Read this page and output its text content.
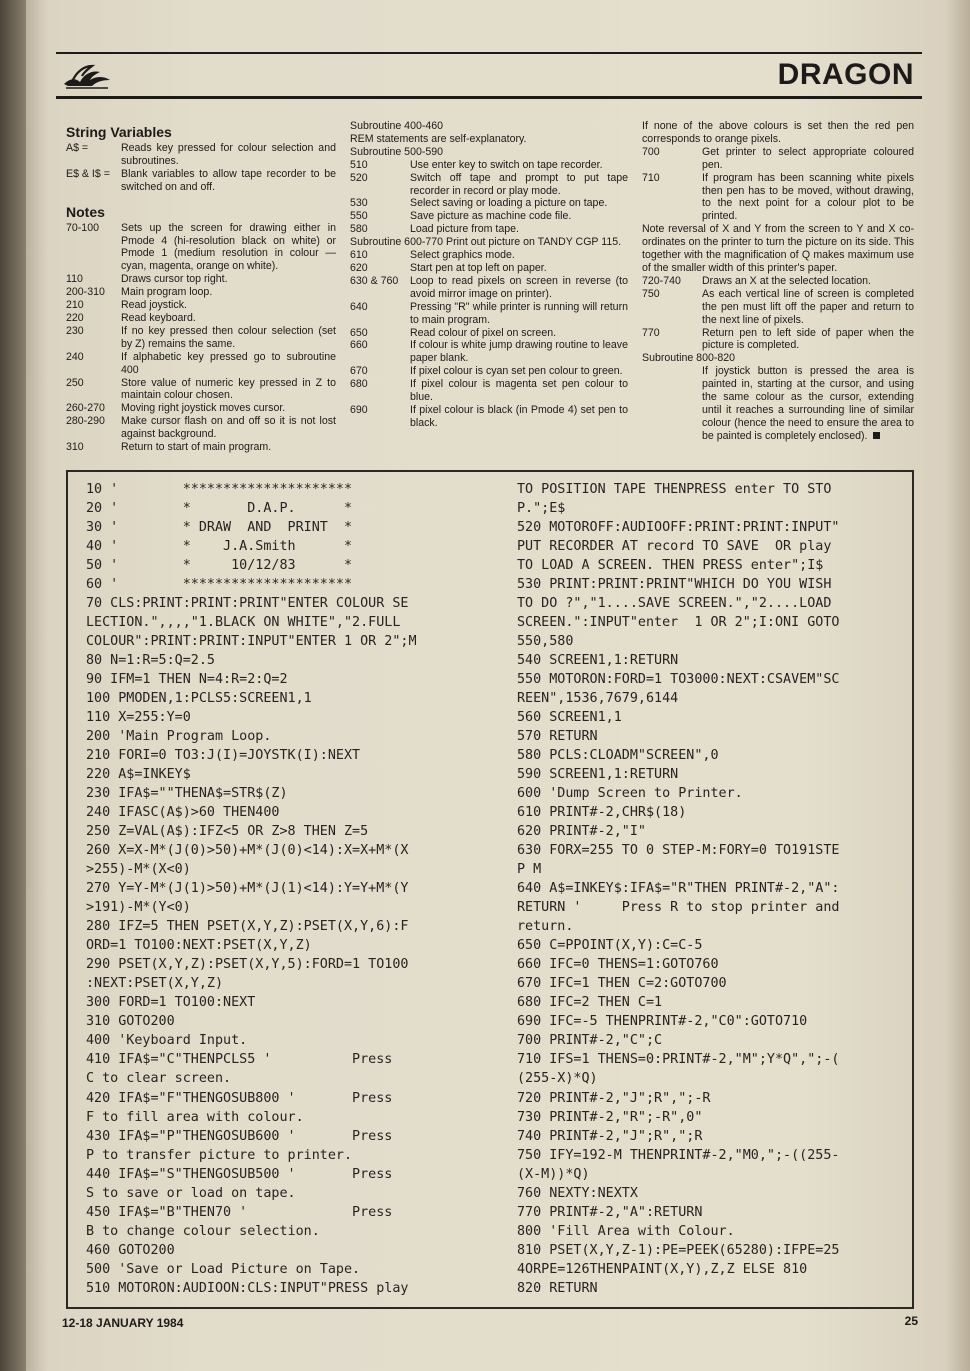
DRAGON
String Variables
A$ =	Reads key pressed for colour selection and subroutines.
E$ & I$ =	Blank variables to allow tape recorder to be switched on and off.
Notes
70-100	Sets up the screen for drawing either in Pmode 4 (hi-resolution black on white) or Pmode 1 (medium resolution in colour — cyan, magenta, orange on white).
110	Draws cursor top right.
200-310	Main program loop.
210	Read joystick.
220	Read keyboard.
230	If no key pressed then colour selection (set by Z) remains the same.
240	If alphabetic key pressed go to subroutine 400
250	Store value of numeric key pressed in Z to maintain colour chosen.
260-270	Moving right joystick moves cursor.
280-290	Make cursor flash on and off so it is not lost against background.
310	Return to start of main program.
Subroutine 400-460
REM statements are self-explanatory.
Subroutine 500-590
510	Use enter key to switch on tape recorder.
520	Switch off tape and prompt to put tape recorder in record or play mode.
530	Select saving or loading a picture on tape.
550	Save picture as machine code file.
580	Load picture from tape.
Subroutine 600-770 Print out picture on TANDY CGP 115.
610	Select graphics mode.
620	Start pen at top left on paper.
630 & 760	Loop to read pixels on screen in reverse (to avoid mirror image on printer).
640	Pressing "R" while printer is running will return to main program.
650	Read colour of pixel on screen.
660	If colour is white jump drawing routine to leave paper blank.
670	If pixel colour is cyan set pen colour to green.
680	If pixel colour is magenta set pen colour to blue.
690	If pixel colour is black (in Pmode 4) set pen to black.
If none of the above colours is set then the red pen corresponds to orange pixels.
700	Get printer to select appropriate coloured pen.
710	If program has been scanning white pixels then pen has to be moved, without drawing, to the next point for a colour plot to be printed.
Note reversal of X and Y from the screen to Y and X co-ordinates on the printer to turn the picture on its side. This together with the magnification of Q makes maximum use of the smaller width of this printer's paper.
720-740	Draws an X at the selected location.
750	As each vertical line of screen is completed the pen must lift off the paper and return to the next line of pixels.
770	Return pen to left side of paper when the picture is completed.
Subroutine 800-820
If joystick button is pressed the area is painted in, starting at the cursor, and using the same colour as the cursor, extending until it reaches a surrounding line of similar colour (hence the need to ensure the area to be painted is completely enclosed).
10 '        *********************
20 '        *       D.A.P.      *
30 '        * DRAW  AND  PRINT  *
40 '        *    J.A.Smith      *
50 '        *     10/12/83      *
60 '        *********************
70 CLS:PRINT:PRINT:PRINT"ENTER COLOUR SE
LECTION.",,,,"1.BLACK ON WHITE","2.FULL
COLOUR":PRINT:PRINT:INPUT"ENTER 1 OR 2";M
80 N=1:R=5:Q=2.5
90 IFM=1 THEN N=4:R=2:Q=2
100 PMODEN,1:PCLS5:SCREEN1,1
110 X=255:Y=0
200 'Main Program Loop.
210 FORI=0 TO3:J(I)=JOYSTK(I):NEXT
220 A$=INKEY$
230 IFA$=""THENA$=STR$(Z)
240 IFASC(A$)>60 THEN400
250 Z=VAL(A$):IFZ<5 OR Z>8 THEN Z=5
260 X=X-M*(J(0)>50)+M*(J(0)<14):X=X+M*(X
>255)-M*(X<0)
270 Y=Y-M*(J(1)>50)+M*(J(1)<14):Y=Y+M*(Y
>191)-M*(Y<0)
280 IFZ=5 THEN PSET(X,Y,Z):PSET(X,Y,6):F
ORD=1 TO100:NEXT:PSET(X,Y,Z)
290 PSET(X,Y,Z):PSET(X,Y,5):FORD=1 TO100
:NEXT:PSET(X,Y,Z)
300 FORD=1 TO100:NEXT
310 GOTO200
400 'Keyboard Input.
410 IFA$="C"THENPCLS5 '          Press
C to clear screen.
420 IFA$="F"THENGOSUB800 '       Press
F to fill area with colour.
430 IFA$="P"THENGOSUB600 '       Press
P to transfer picture to printer.
440 IFA$="S"THENGOSUB500 '       Press
S to save or load on tape.
450 IFA$="B"THEN70 '             Press
B to change colour selection.
460 GOTO200
500 'Save or Load Picture on Tape.
510 MOTORON:AUDIOON:CLS:INPUT"PRESS play
TO POSITION TAPE THENPRESS enter TO STO
P.";E$
520 MOTOROFF:AUDIOOFF:PRINT:PRINT:INPUT"
PUT RECORDER AT record TO SAVE  OR play
TO LOAD A SCREEN. THEN PRESS enter";I$
530 PRINT:PRINT:PRINT"WHICH DO YOU WISH
TO DO ?","1....SAVE SCREEN.","2....LOAD
SCREEN.":INPUT"enter  1 OR 2";I:ONI GOTO
550,580
540 SCREEN1,1:RETURN
550 MOTORON:FORD=1 TO3000:NEXT:CSAVEM"SC
REEN",1536,7679,6144
560 SCREEN1,1
570 RETURN
580 PCLS:CLOADM"SCREEN",0
590 SCREEN1,1:RETURN
600 'Dump Screen to Printer.
610 PRINT#-2,CHR$(18)
620 PRINT#-2,"I"
630 FORX=255 TO 0 STEP-M:FORY=0 TO191STE
P M
640 A$=INKEY$:IFA$="R"THEN PRINT#-2,"A":
RETURN '     Press R to stop printer and
return.
650 C=PPOINT(X,Y):C=C-5
660 IFC=0 THENS=1:GOTO760
670 IFC=1 THEN C=2:GOTO700
680 IFC=2 THEN C=1
690 IFC=-5 THENPRINT#-2,"C0":GOTO710
700 PRINT#-2,"C";C
710 IFS=1 THENS=0:PRINT#-2,"M";Y*Q",";-(
(255-X)*Q)
720 PRINT#-2,"J";R",";-R
730 PRINT#-2,"R";-R",0"
740 PRINT#-2,"J";R",";R
750 IFY=192-M THENPRINT#-2,"M0,";-((255-
(X-M))*Q)
760 NEXTY:NEXTX
770 PRINT#-2,"A":RETURN
800 'Fill Area with Colour.
810 PSET(X,Y,Z-1):PE=PEEK(65280):IFPE=25
4ORPE=126THENPAINT(X,Y),Z,Z ELSE 810
820 RETURN
12-18 JANUARY 1984	25
